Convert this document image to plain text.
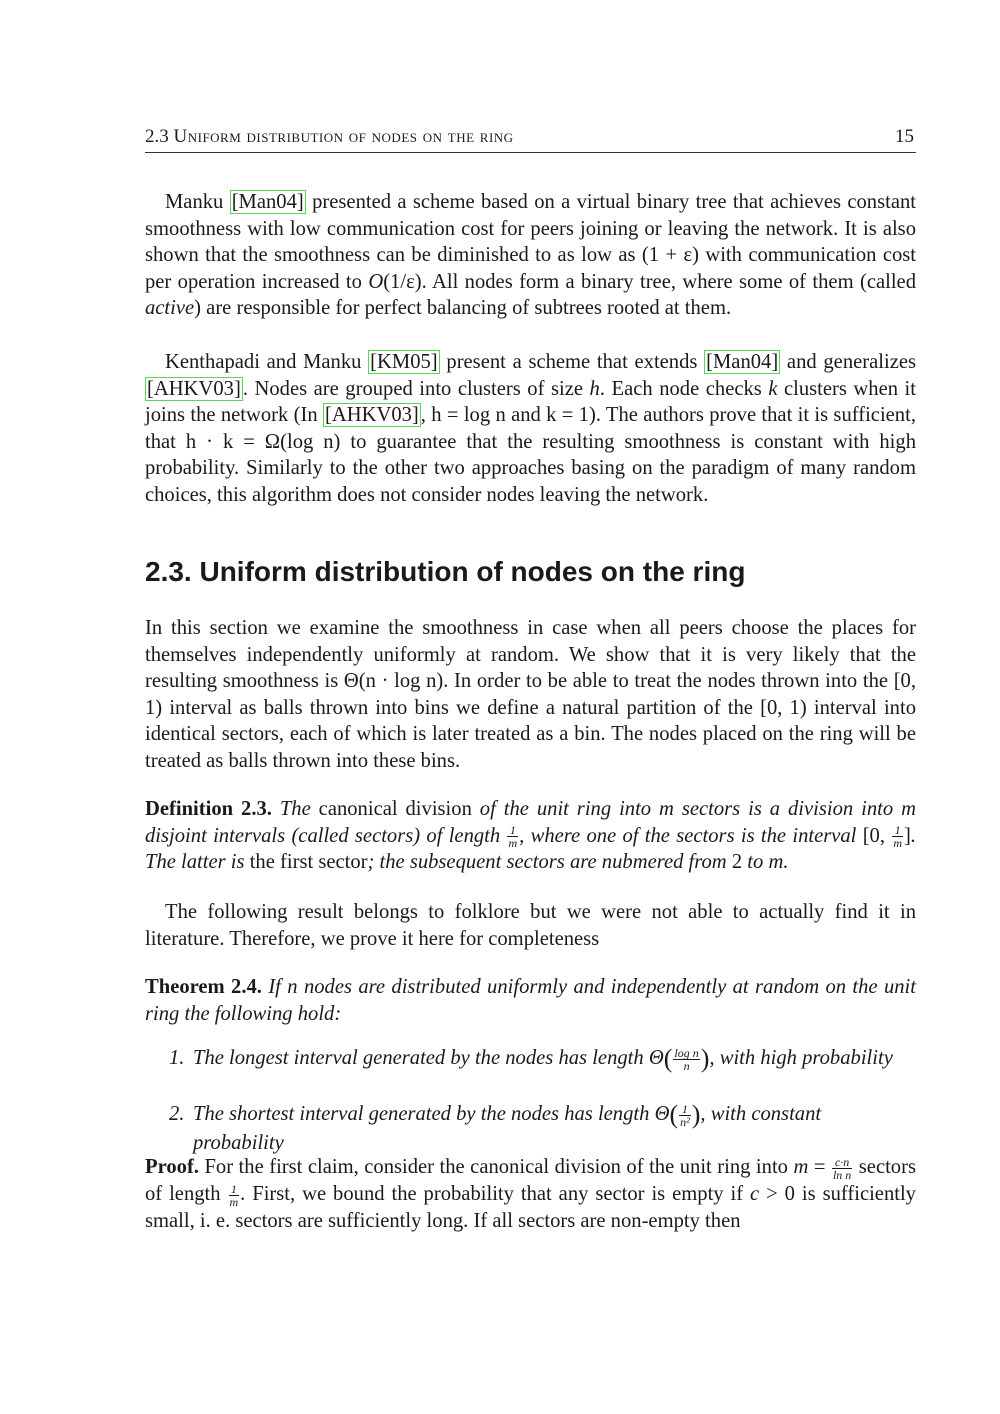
2.3 Uniform distribution of nodes on the ring	15

Manku [Man04] presented a scheme based on a virtual binary tree that achieves constant smoothness with low communication cost for peers joining or leaving the network. It is also shown that the smoothness can be diminished to as low as (1 + ε) with communication cost per operation increased to O(1/ε). All nodes form a binary tree, where some of them (called active) are responsible for perfect balancing of subtrees rooted at them.

Kenthapadi and Manku [KM05] present a scheme that extends [Man04] and generalizes [AHKV03]. Nodes are grouped into clusters of size h. Each node checks k clusters when it joins the network (In [AHKV03], h = log n and k = 1). The authors prove that it is sufficient, that h · k = Ω(log n) to guarantee that the resulting smoothness is constant with high probability. Similarly to the other two approaches basing on the paradigm of many random choices, this algorithm does not consider nodes leaving the network.

2.3. Uniform distribution of nodes on the ring

In this section we examine the smoothness in case when all peers choose the places for themselves independently uniformly at random. We show that it is very likely that the resulting smoothness is Θ(n · log n). In order to be able to treat the nodes thrown into the [0, 1) interval as balls thrown into bins we define a natural partition of the [0, 1) interval into identical sectors, each of which is later treated as a bin. The nodes placed on the ring will be treated as balls thrown into these bins.

Definition 2.3. The canonical division of the unit ring into m sectors is a division into m disjoint intervals (called sectors) of length $\frac{1}{m}$ , where one of the sectors is the interval [0, $\frac{1}{m}$ ]. The latter is the first sector; the subsequent sectors are nubmered from 2 to m.

The following result belongs to folklore but we were not able to actually find it in literature. Therefore, we prove it here for completeness

Theorem 2.4. If n nodes are distributed uniformly and independently at random on the unit ring the following hold:

1. The longest interval generated by the nodes has length $\Theta( \frac{\text{log n}}{n}$ ), with high probability
2. The shortest interval generated by the nodes has length $\Theta( \frac{1}{\text{n²}}$ ), with constant probability

Proof. For the first claim, consider the canonical division of the unit ring into $m = \frac{c\cdot n}{\text{ln n}}$ sectors of length $\frac{1}{m}$ . First, we bound the probability that any sector is empty if c > 0 is sufficiently small, i. e. sectors are sufficiently long. If all sectors are non-empty then
